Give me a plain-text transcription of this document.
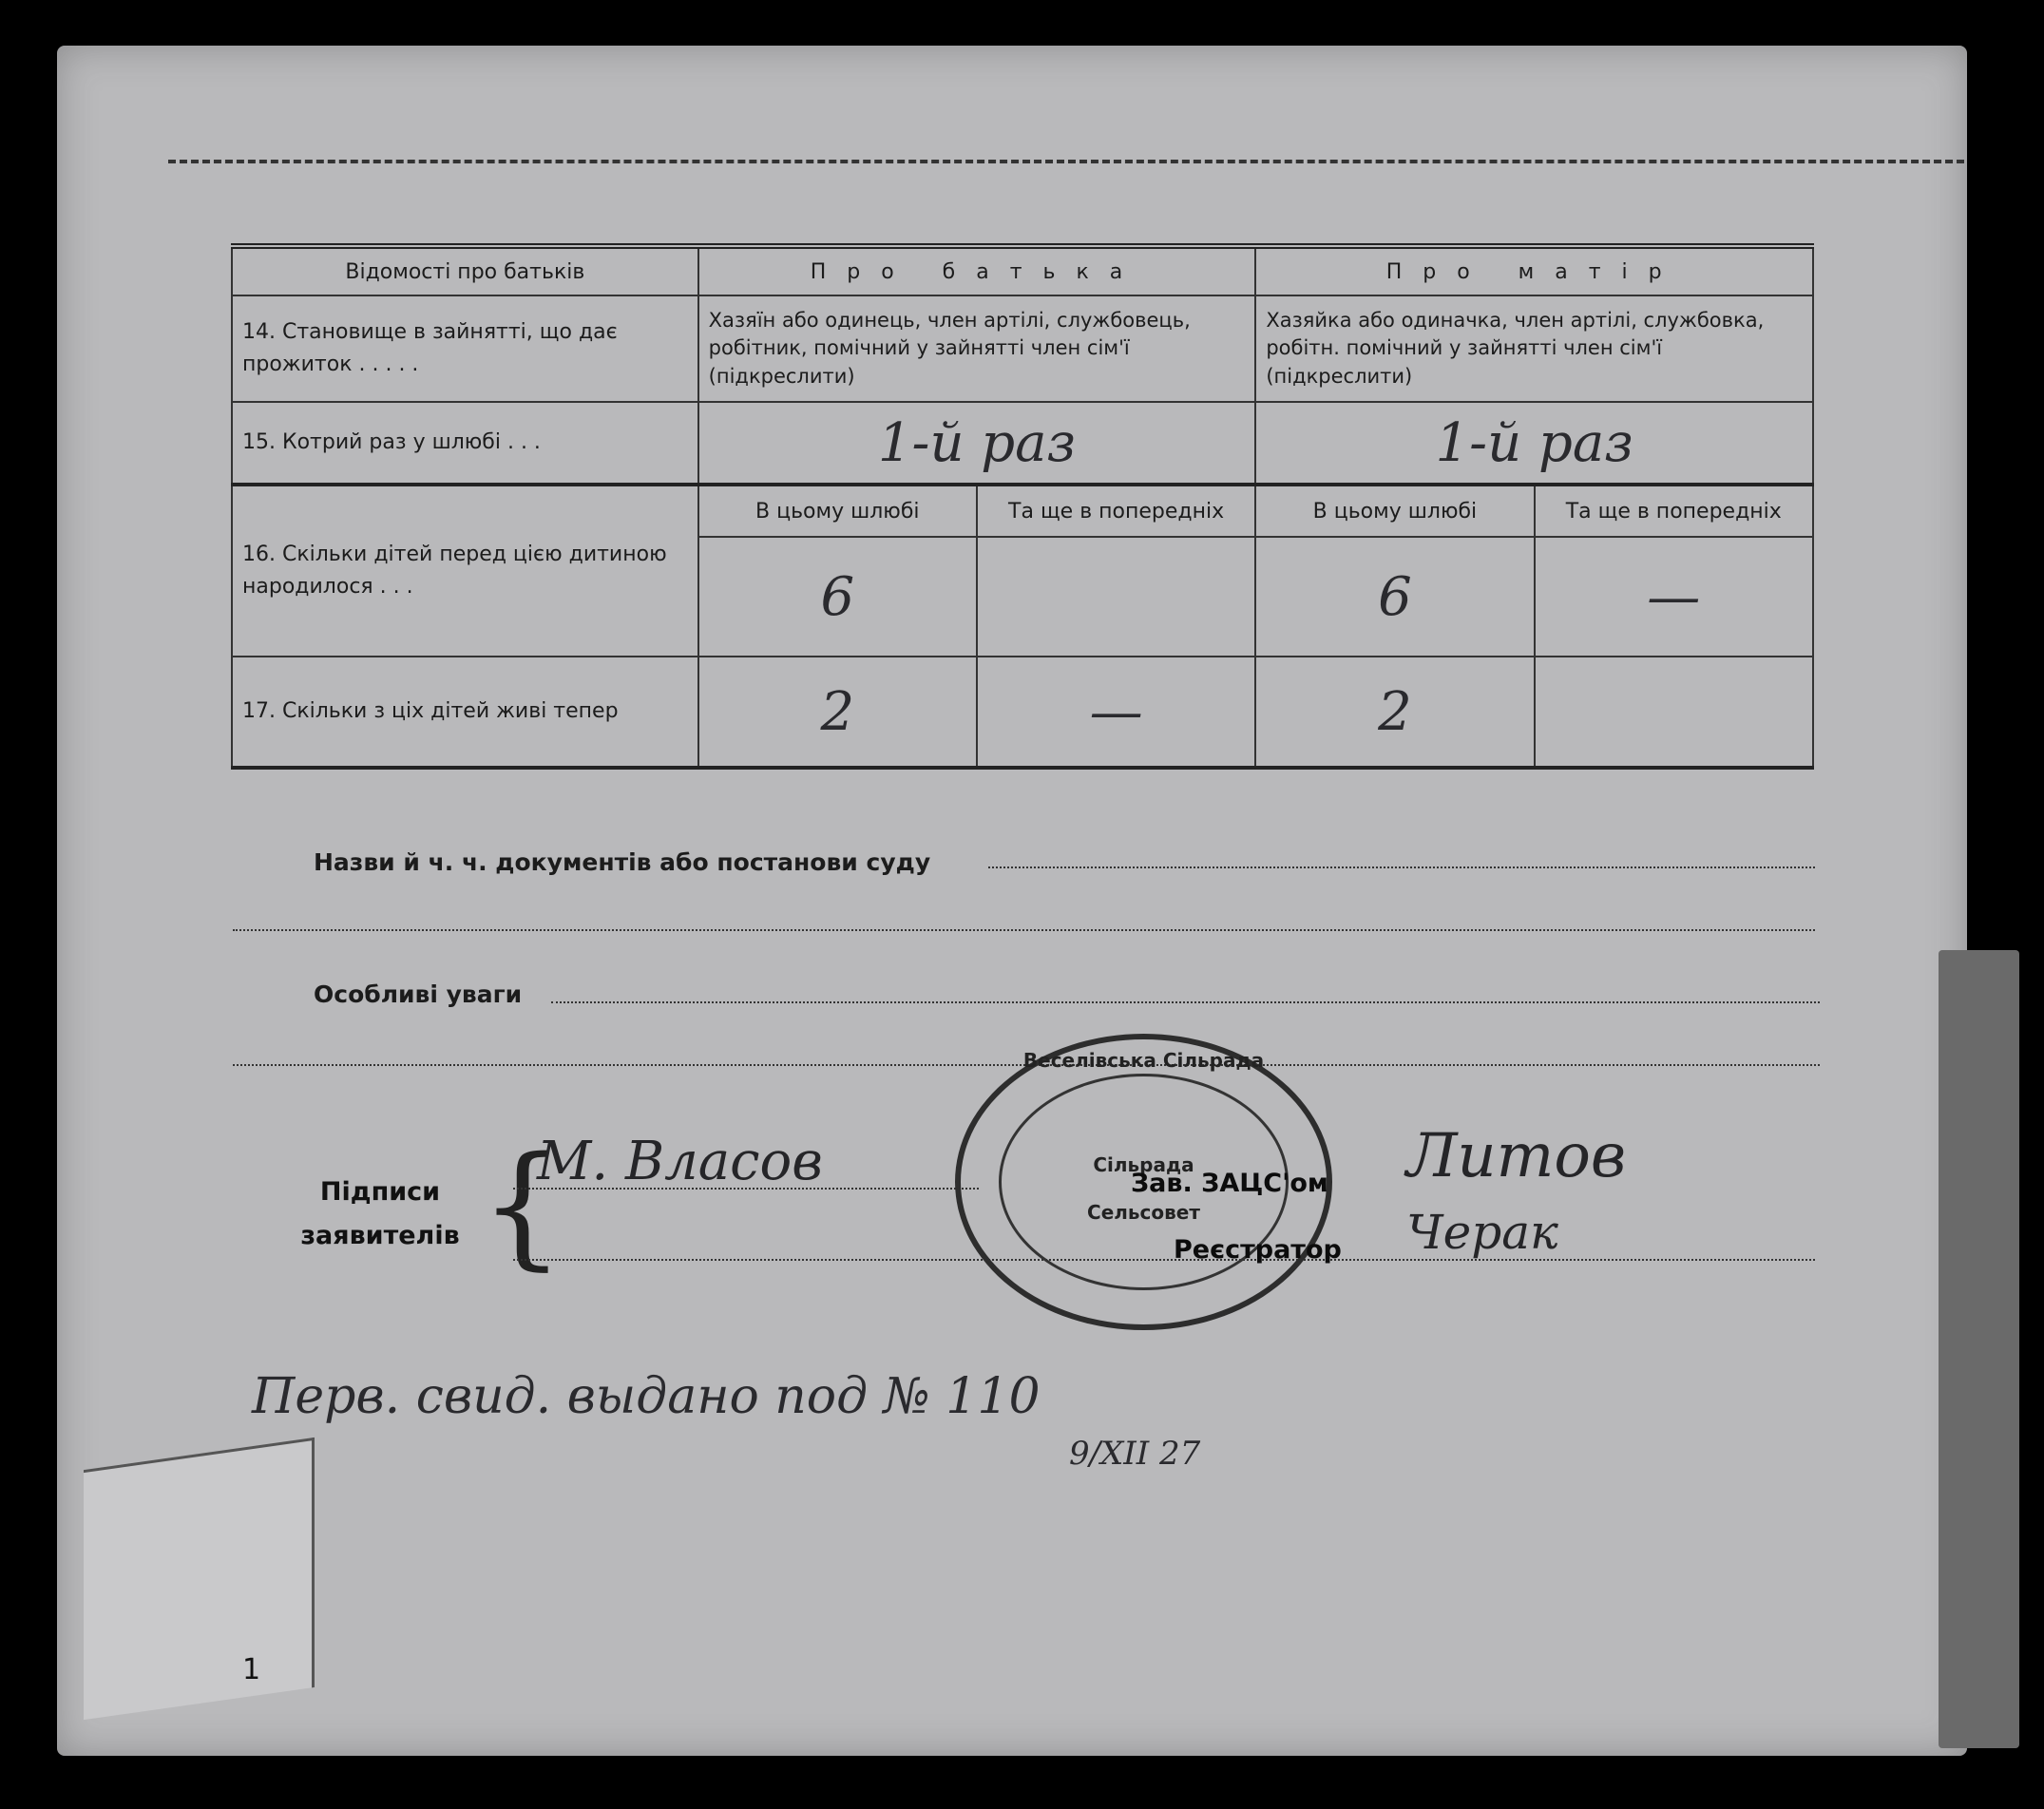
Відомості про батьків	Про батька		Про матір	
14. Становище в зайнятті, що дає прожиток . . . . .	Хазяїн або одинець, член артілі, службовець, робітник, помічний у зайнятті член сім'ї (підкреслити)		Хазяйка або одиначка, член артілі, службовка, робітн. помічний у зайнятті член сім'ї (підкреслити)	
15. Котрий раз у шлюбі . . .	1-й раз		1-й раз	
16. Скільки дітей перед цією дитиною народилося . . .	В цьому шлюбі	Та ще в попередніх	В цьому шлюбі	Та ще в попередніх
	6		6	—
17. Скільки з ціх дітей живі тепер	2	—	2	
Назви й ч. ч. документів або постанови суду
Особливі уваги
Підписи
заявителів {
М. Власов
Веселівська Сільрада
Сільрада
Сельсовет
Зав. ЗАЦС'ом
Реєстратор
Литов
Черак
Перв. свид. выдано под № 110
9/XII 27
1
